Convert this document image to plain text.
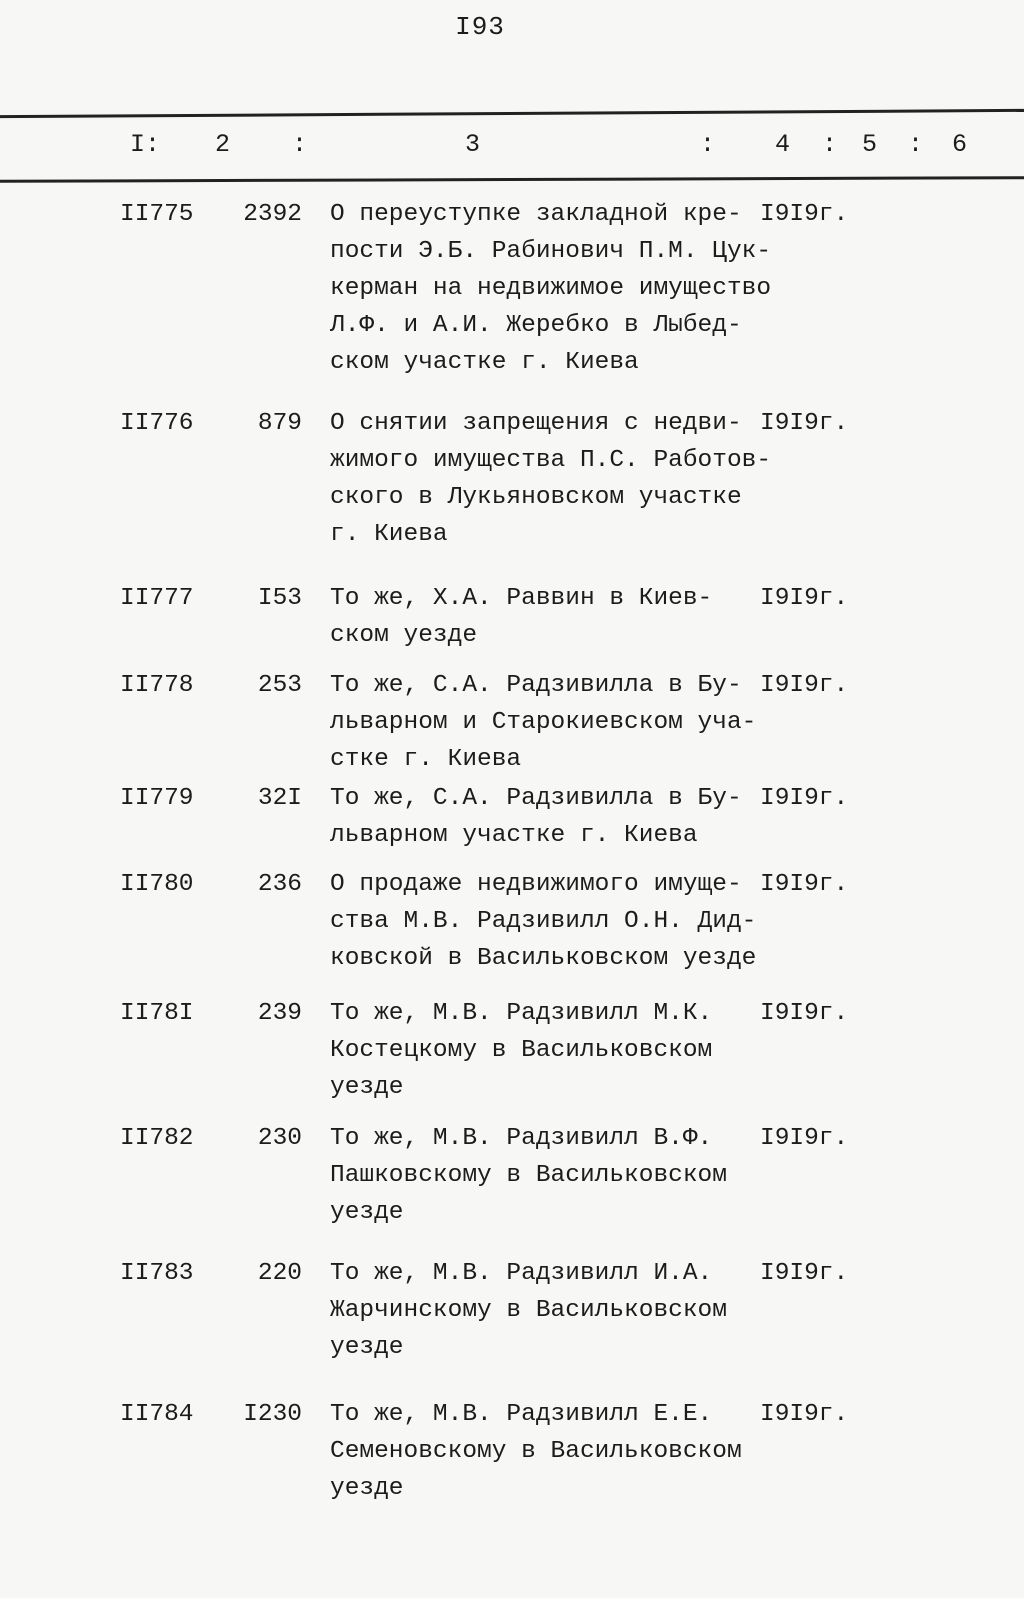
I93
I: 2 :	3	: 4 : 5 : 6
II775	2392 О переуступке закладной кре-
пости Э.Б. Рабинович П.М. Цук-
керман на недвижимое имущество
Л.Ф. и А.И. Жеребко в Лыбед-
ском участке г. Киева
I9I9г.
II776	879 О снятии запрещения с недви-
жимого имущества П.С. Работов-
ского в Лукьяновском участке
г. Киева
I9I9г.
II777	I53 То же, Х.А. Раввин в Киев-
ском уезде
I9I9г.
II778	253 То же, С.А. Радзивилла в Бу-
льварном и Старокиевском уча-
стке г. Киева
I9I9г.
II779	32I То же, С.А. Радзивилла в Бу-
льварном участке г. Киева
I9I9г.
II780	236 О продаже недвижимого имуще-
ства М.В. Радзивилл О.Н. Дид-
ковской в Васильковском уезде
I9I9г.
II78I	239 То же, М.В. Радзивилл М.К.
Костецкому в Васильковском
уезде
I9I9г.
II782	230 То же, М.В. Радзивилл В.Ф.
Пашковскому в Васильковском
уезде
I9I9г.
II783	220 То же, М.В. Радзивилл И.А.
Жарчинскому в Васильковском
уезде
I9I9г.
II784	I230 То же, М.В. Радзивилл Е.Е.
Семеновскому в Васильковском
уезде
I9I9г.
